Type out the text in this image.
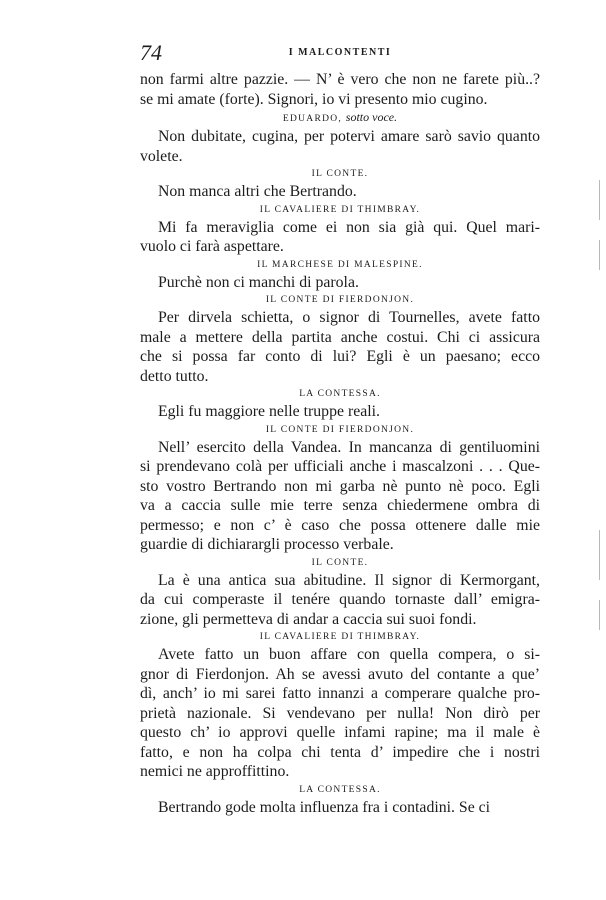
74	I MALCONTENTI
non farmi altre pazzie. — N’ è vero che non ne farete più..?
se mi amate (forte). Signori, io vi presento mio cugino.
EDUARDO, sotto voce.
Non dubitate, cugina, per potervi amare sarò savio quanto
volete.
IL CONTE.
Non manca altri che Bertrando.
IL CAVALIERE DI THIMBRAY.
Mi fa meraviglia come ei non sia già qui. Quel mari-
vuolo ci farà aspettare.
IL MARCHESE DI MALESPINE.
Purchè non ci manchi di parola.
IL CONTE DI FIERDONJON.
Per dirvela schietta, o signor di Tournelles, avete fatto
male a mettere della partita anche costui. Chi ci assicura
che si possa far conto di lui? Egli è un paesano; ecco
detto tutto.
LA CONTESSA.
Egli fu maggiore nelle truppe reali.
IL CONTE DI FIERDONJON.
Nell’ esercito della Vandea. In mancanza di gentiluomini
si prendevano colà per ufficiali anche i mascalzoni . . . Que-
sto vostro Bertrando non mi garba nè punto nè poco. Egli
va a caccia sulle mie terre senza chiedermene ombra di
permesso; e non c’ è caso che possa ottenere dalle mie
guardie di dichiarargli processo verbale.
IL CONTE.
La è una antica sua abitudine. Il signor di Kermorgant,
da cui comperaste il tenére quando tornaste dall’ emigra-
zione, gli permetteva di andar a caccia sui suoi fondi.
IL CAVALIERE DI THIMBRAY.
Avete fatto un buon affare con quella compera, o si-
gnor di Fierdonjon. Ah se avessi avuto del contante a que’
dì, anch’ io mi sarei fatto innanzi a comperare qualche pro-
prietà nazionale. Si vendevano per nulla! Non dirò per
questo ch’ io approvi quelle infami rapine; ma il male è
fatto, e non ha colpa chi tenta d’ impedire che i nostri
nemici ne approffittino.
LA CONTESSA.
Bertrando gode molta influenza fra i contadini. Se ci
